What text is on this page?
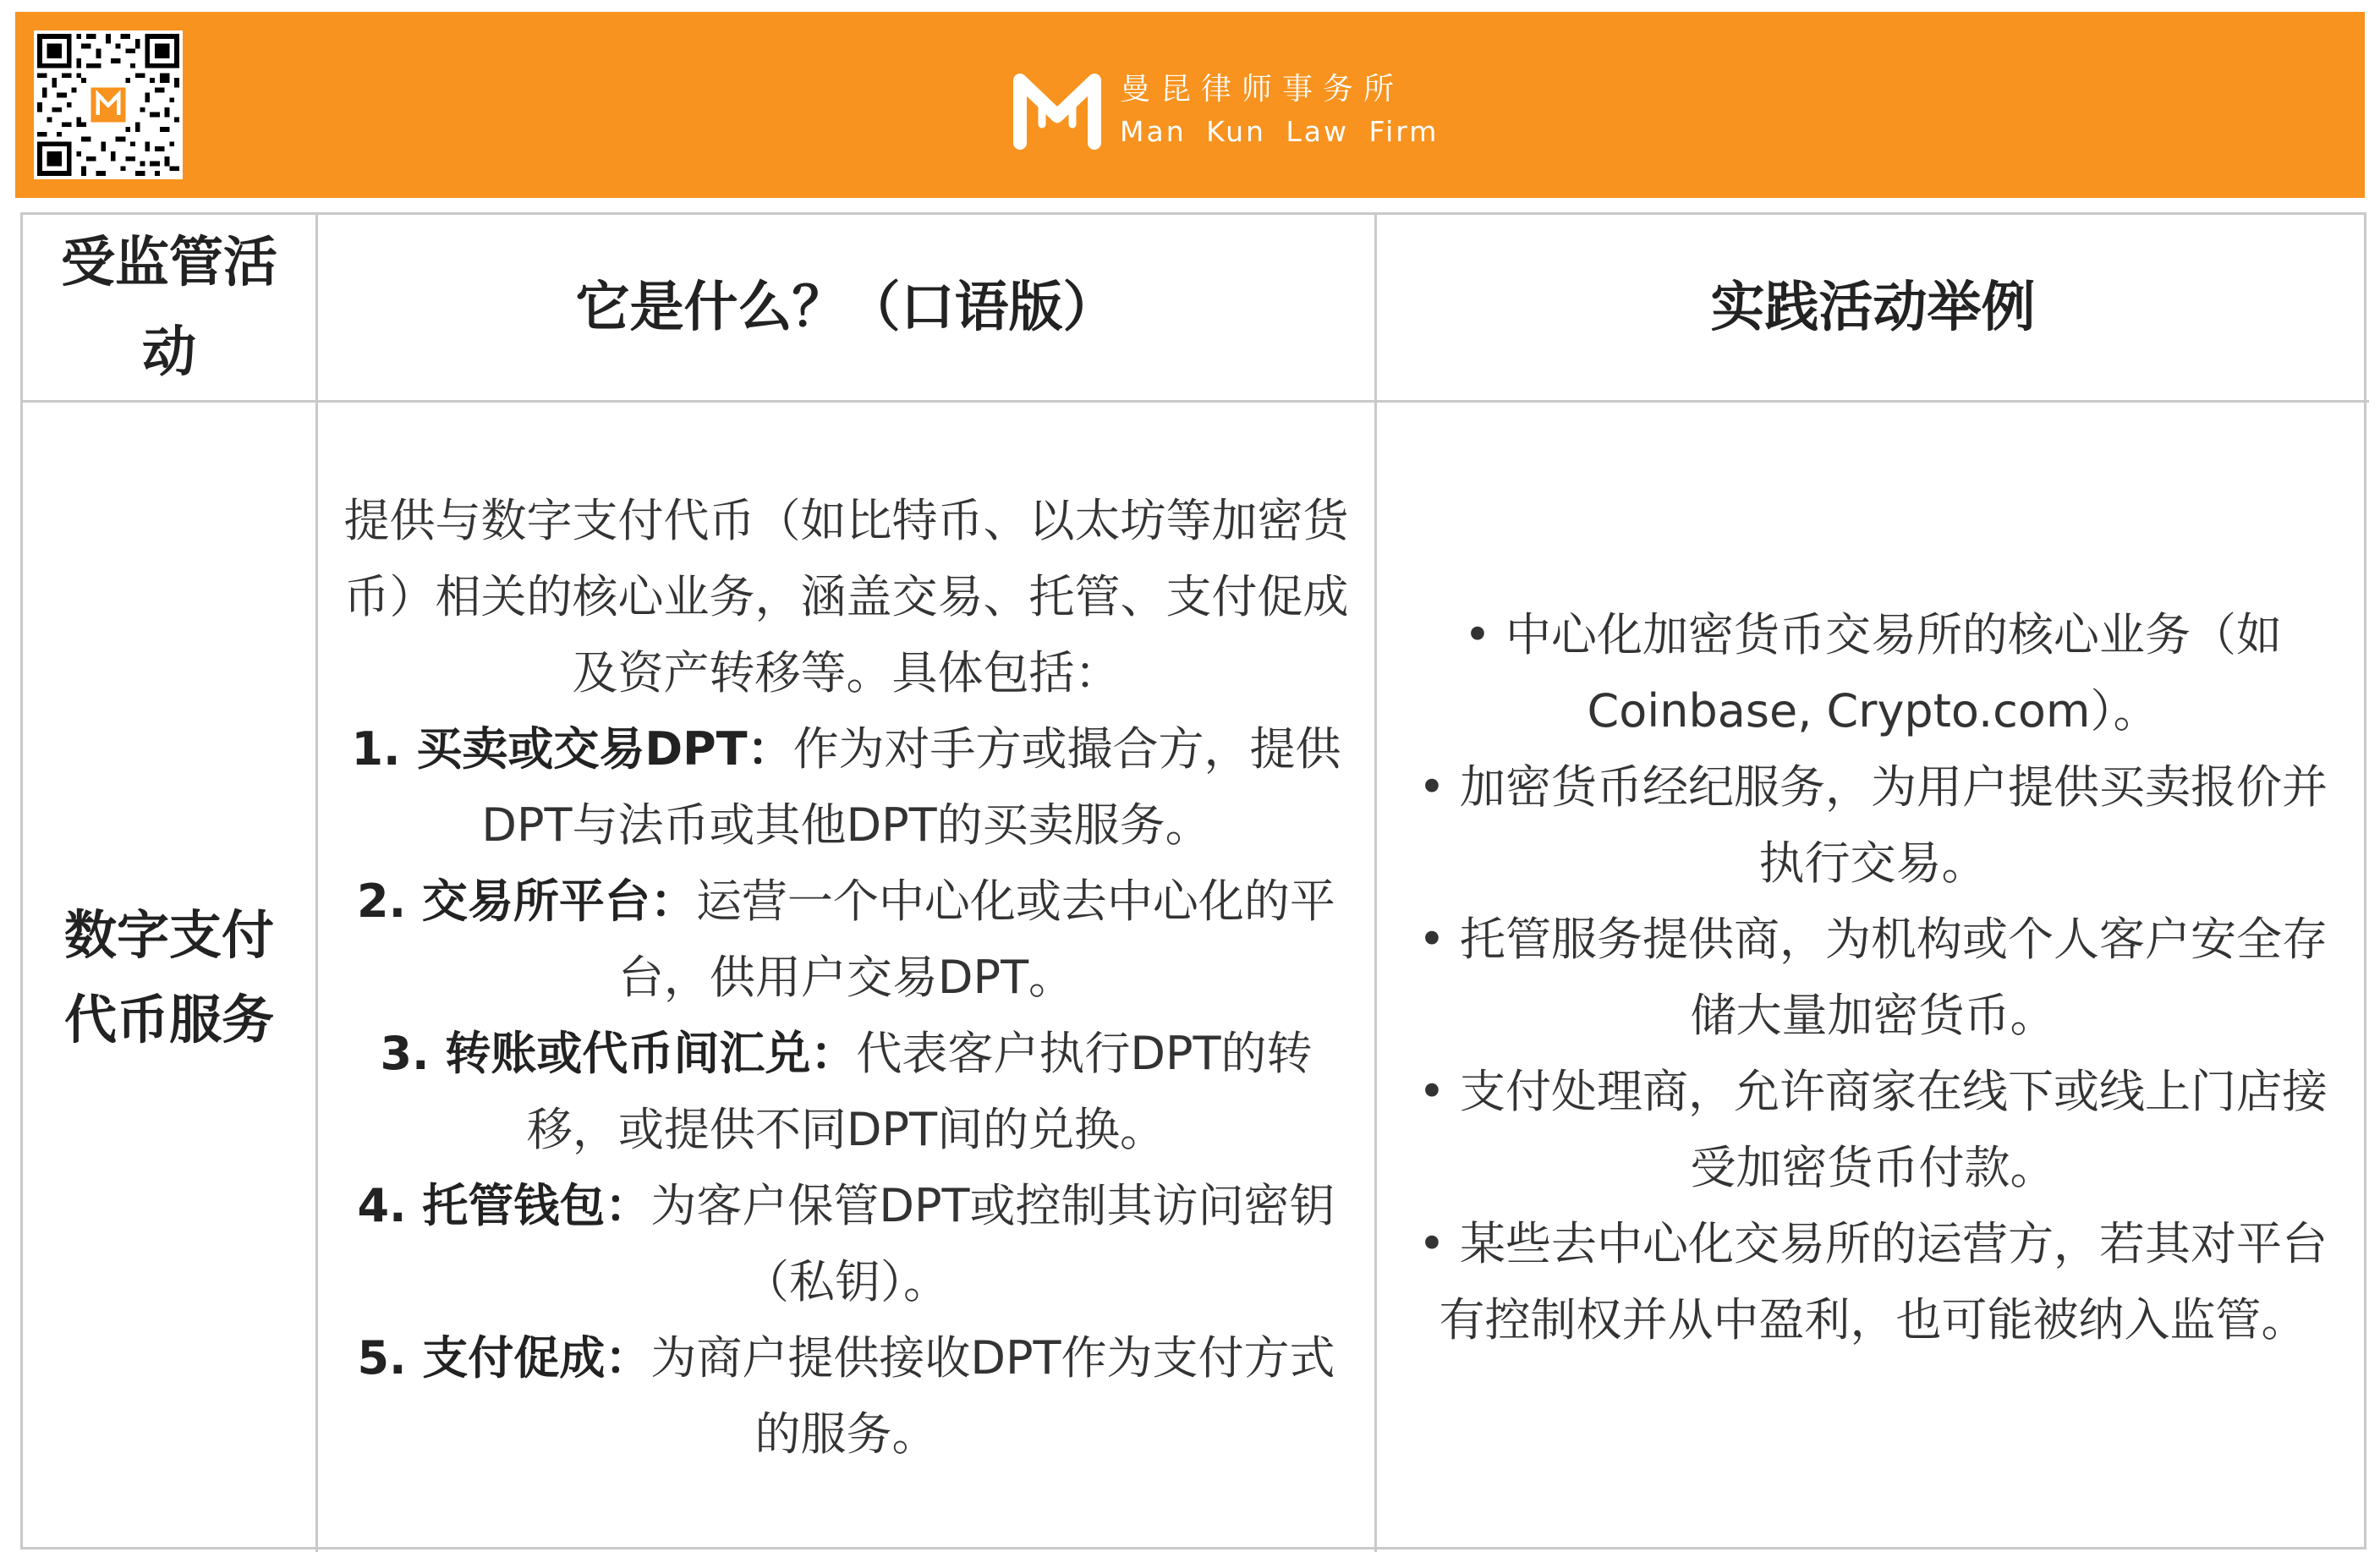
曼昆律师事务所
Man Kun Law Firm
受监管活动
它是什么？（口语版）	实践活动举例
数字支付代币服务

提供与数字支付代币（如比特币、以太坊等加密货币）相关的核心业务，涵盖交易、托管、支付促成及资产转移等。具体包括：

1. 买卖或交易DPT：作为对手方或撮合方，提供DPT与法币或其他DPT的买卖服务。

2. 交易所平台：运营一个中心化或去中心化的平台，供用户交易DPT。

3. 转账或代币间汇兑：代表客户执行DPT的转移，或提供不同DPT间的兑换。

4. 托管钱包：为客户保管DPT或控制其访问密钥（私钥）。

5. 支付促成：为商户提供接收DPT作为支付方式的服务。

• 中心化加密货币交易所的核心业务（如Coinbase, Crypto.com）。

• 加密货币经纪服务，为用户提供买卖报价并执行交易。

• 托管服务提供商，为机构或个人客户安全存储大量加密货币。

• 支付处理商，允许商家在线下或线上门店接受加密货币付款。

• 某些去中心化交易所的运营方，若其对平台有控制权并从中盈利，也可能被纳入监管。
